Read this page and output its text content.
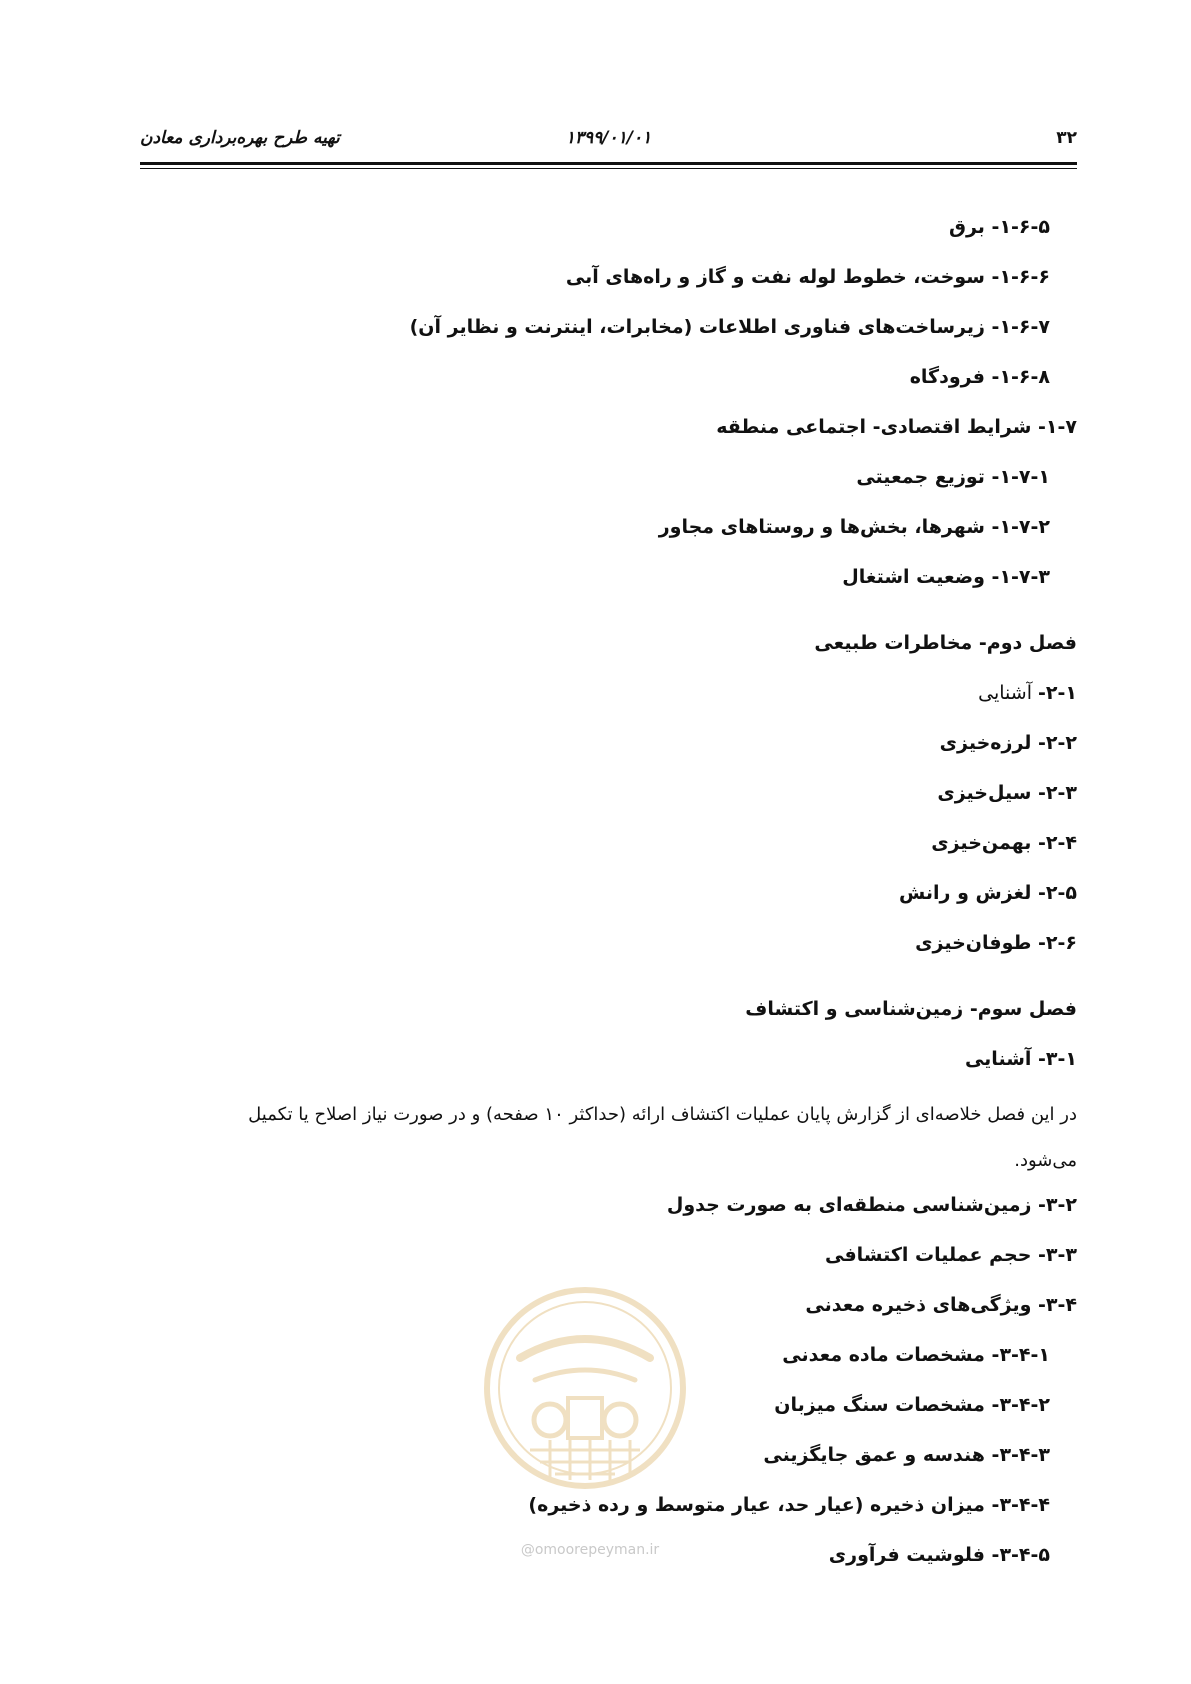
۳۲
۱۳۹۹/۰۱/۰۱
تهیه طرح بهره‌برداری معادن
۱-۶-۵- برق
۱-۶-۶- سوخت، خطوط لوله نفت و گاز و راه‌های آبی
۱-۶-۷- زیرساخت‌های فناوری اطلاعات (مخابرات، اینترنت و نظایر آن)
۱-۶-۸- فرودگاه
۱-۷- شرایط اقتصادی- اجتماعی منطقه
۱-۷-۱- توزیع جمعیتی
۱-۷-۲- شهرها، بخش‌ها و روستاهای مجاور
۱-۷-۳- وضعیت اشتغال
فصل دوم- مخاطرات طبیعی
۲-۱- آشنایی
۲-۲- لرزه‌خیزی
۲-۳- سیل‌خیزی
۲-۴- بهمن‌خیزی
۲-۵- لغزش و رانش
۲-۶- طوفان‌خیزی
فصل سوم- زمین‌شناسی و اکتشاف
۳-۱- آشنایی
در این فصل خلاصه‌ای از گزارش پایان عملیات اکتشاف ارائه (حداکثر ۱۰ صفحه) و در صورت نیاز اصلاح یا تکمیل
می‌شود.
۳-۲- زمین‌شناسی منطقه‌ای به صورت جدول
۳-۳- حجم عملیات اکتشافی
۳-۴- ویژگی‌های ذخیره معدنی
۳-۴-۱- مشخصات ماده معدنی
۳-۴-۲- مشخصات سنگ میزبان
۳-۴-۳- هندسه و عمق جایگزینی
۳-۴-۴- میزان ذخیره (عیار حد، عیار متوسط و رده ذخیره)
۳-۴-۵- فلوشیت فرآوری
@omoorepeyman.ir
